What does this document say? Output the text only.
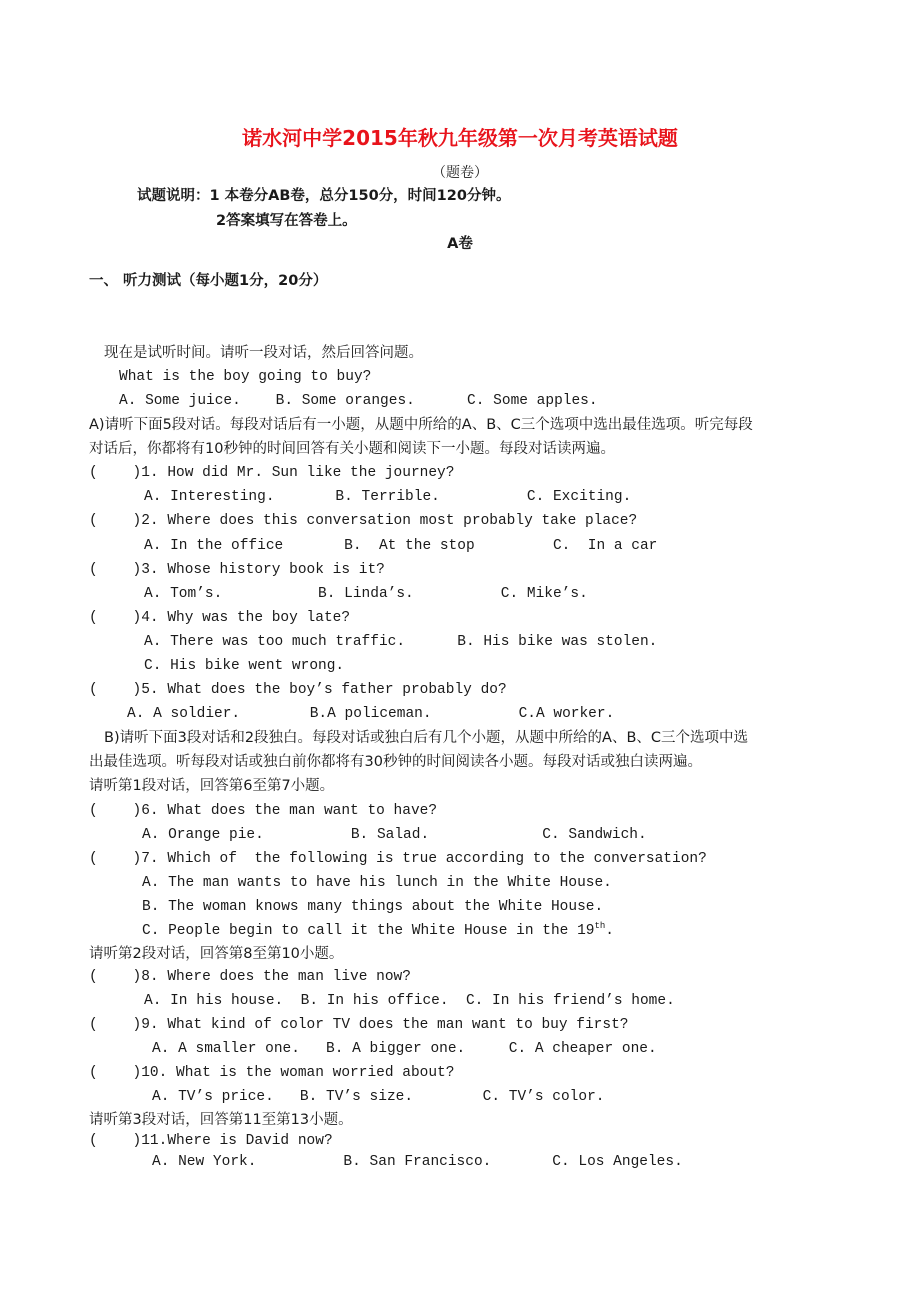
诺水河中学2015年秋九年级第一次月考英语试题
（题卷）
试题说明：1 本卷分AB卷，总分150分，时间120分钟。
2答案填写在答卷上。
A卷
一、 听力测试（每小题1分，20分）
现在是试听时间。请听一段对话，然后回答问题。
What is the boy going to buy?
A. Some juice.    B. Some oranges.      C. Some apples.
A)请听下面5段对话。每段对话后有一小题，从题中所给的A、B、C三个选项中选出最佳选项。听完每段
对话后，你都将有10秒钟的时间回答有关小题和阅读下一小题。每段对话读两遍。
(    )1. How did Mr. Sun like the journey?
A. Interesting.       B. Terrible.          C. Exciting.
(    )2. Where does this conversation most probably take place?
A. In the office       B.  At the stop         C.  In a car
(    )3. Whose history book is it?
A. Tom’s.           B. Linda’s.          C. Mike’s.
(    )4. Why was the boy late?
A. There was too much traffic.      B. His bike was stolen.
C. His bike went wrong.
(    )5. What does the boy’s father probably do?
A. A soldier.        B.A policeman.          C.A worker.
B)请听下面3段对话和2段独白。每段对话或独白后有几个小题，从题中所给的A、B、C三个选项中选
出最佳选项。听每段对话或独白前你都将有30秒钟的时间阅读各小题。每段对话或独白读两遍。
请听第1段对话，回答第6至第7小题。
(    )6. What does the man want to have?
A. Orange pie.          B. Salad.             C. Sandwich.
(    )7. Which of  the following is true according to the conversation?
A. The man wants to have his lunch in the White House.
B. The woman knows many things about the White House.
C. People begin to call it the White House in the 19th.
请听第2段对话，回答第8至第10小题。
(    )8. Where does the man live now?
A. In his house.  B. In his office.  C. In his friend’s home.
(    )9. What kind of color TV does the man want to buy first?
A. A smaller one.   B. A bigger one.     C. A cheaper one.
(    )10. What is the woman worried about?
A. TV’s price.   B. TV’s size.        C. TV’s color.
请听第3段对话，回答第11至第13小题。
(    )11.Where is David now?
A. New York.          B. San Francisco.       C. Los Angeles.
